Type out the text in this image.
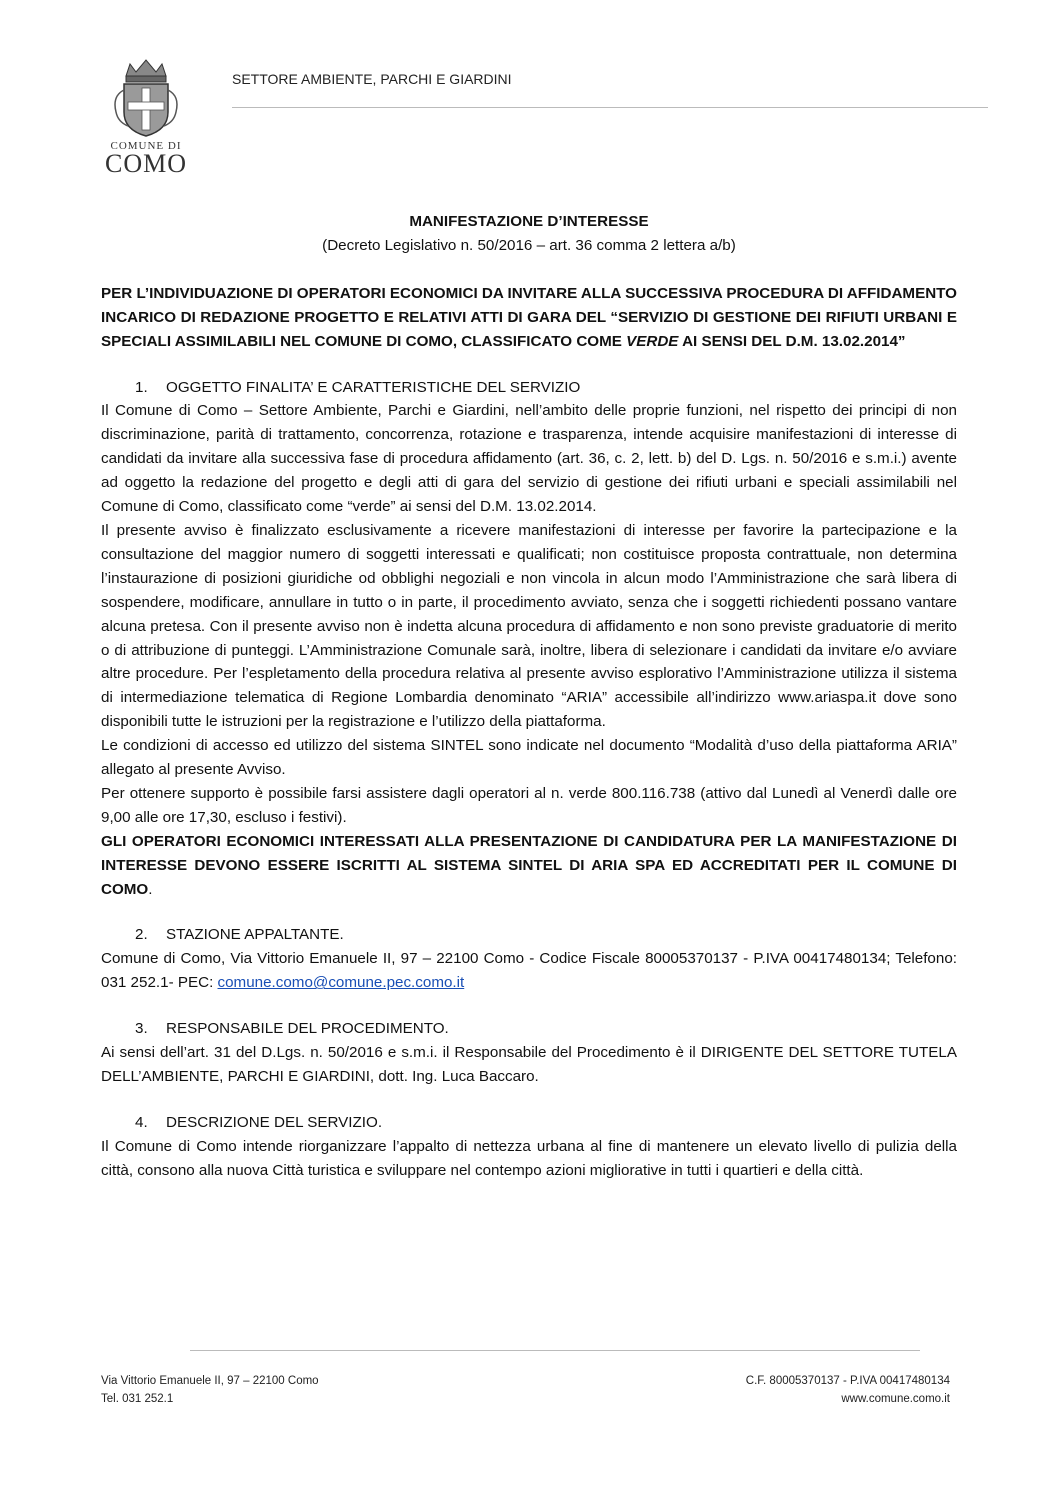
COMUNE DI
COMO
SETTORE AMBIENTE, PARCHI E GIARDINI
MANIFESTAZIONE D’INTERESSE
(Decreto Legislativo n. 50/2016 – art. 36 comma 2 lettera a/b)

PER L’INDIVIDUAZIONE DI OPERATORI ECONOMICI DA INVITARE ALLA SUCCESSIVA PROCEDURA DI AFFIDAMENTO INCARICO DI REDAZIONE PROGETTO E RELATIVI ATTI DI GARA DEL “SERVIZIO DI GESTIONE DEI RIFIUTI URBANI E SPECIALI ASSIMILABILI NEL COMUNE DI COMO, CLASSIFICATO COME VERDE AI SENSI DEL D.M. 13.02.2014”

1. OGGETTO FINALITA’ E CARATTERISTICHE DEL SERVIZIO

Il Comune di Como – Settore Ambiente, Parchi e Giardini, nell’ambito delle proprie funzioni, nel rispetto dei principi di non discriminazione, parità di trattamento, concorrenza, rotazione e trasparenza, intende acquisire manifestazioni di interesse di candidati da invitare alla successiva fase di procedura affidamento (art. 36, c. 2, lett. b) del D. Lgs. n. 50/2016 e s.m.i.) avente ad oggetto la redazione del progetto e degli atti di gara del servizio di gestione dei rifiuti urbani e speciali assimilabili nel Comune di Como, classificato come “verde” ai sensi del D.M. 13.02.2014.

Il presente avviso è finalizzato esclusivamente a ricevere manifestazioni di interesse per favorire la partecipazione e la consultazione del maggior numero di soggetti interessati e qualificati; non costituisce proposta contrattuale, non determina l’instaurazione di posizioni giuridiche od obblighi negoziali e non vincola in alcun modo l’Amministrazione che sarà libera di sospendere, modificare, annullare in tutto o in parte, il procedimento avviato, senza che i soggetti richiedenti possano vantare alcuna pretesa. Con il presente avviso non è indetta alcuna procedura di affidamento e non sono previste graduatorie di merito o di attribuzione di punteggi. L’Amministrazione Comunale sarà, inoltre, libera di selezionare i candidati da invitare e/o avviare altre procedure. Per l’espletamento della procedura relativa al presente avviso esplorativo l’Amministrazione utilizza il sistema di intermediazione telematica di Regione Lombardia denominato “ARIA” accessibile all’indirizzo www.ariaspa.it dove sono disponibili tutte le istruzioni per la registrazione e l’utilizzo della piattaforma.

Le condizioni di accesso ed utilizzo del sistema SINTEL sono indicate nel documento “Modalità d’uso della piattaforma ARIA” allegato al presente Avviso.

Per ottenere supporto è possibile farsi assistere dagli operatori al n. verde 800.116.738 (attivo dal Lunedì al Venerdì dalle ore 9,00 alle ore 17,30, escluso i festivi).

GLI OPERATORI ECONOMICI INTERESSATI ALLA PRESENTAZIONE DI CANDIDATURA PER LA MANIFESTAZIONE DI INTERESSE DEVONO ESSERE ISCRITTI AL SISTEMA SINTEL DI ARIA SPA ED ACCREDITATI PER IL COMUNE DI COMO.

2. STAZIONE APPALTANTE.

Comune di Como, Via Vittorio Emanuele II, 97 – 22100 Como - Codice Fiscale 80005370137 - P.IVA 00417480134; Telefono: 031 252.1- PEC: comune.como@comune.pec.como.it

3. RESPONSABILE DEL PROCEDIMENTO.

Ai sensi dell’art. 31 del D.Lgs. n. 50/2016 e s.m.i. il Responsabile del Procedimento è il DIRIGENTE DEL SETTORE TUTELA DELL’AMBIENTE, PARCHI E GIARDINI, dott. Ing. Luca Baccaro.

4. DESCRIZIONE DEL SERVIZIO.

Il Comune di Como intende riorganizzare l’appalto di nettezza urbana al fine di mantenere un elevato livello di pulizia della città, consono alla nuova Città turistica e sviluppare nel contempo azioni migliorative in tutti i quartieri e della città.

Via Vittorio Emanuele II, 97 – 22100 Como
Tel. 031 252.1
C.F. 80005370137 - P.IVA 00417480134
www.comune.como.it
